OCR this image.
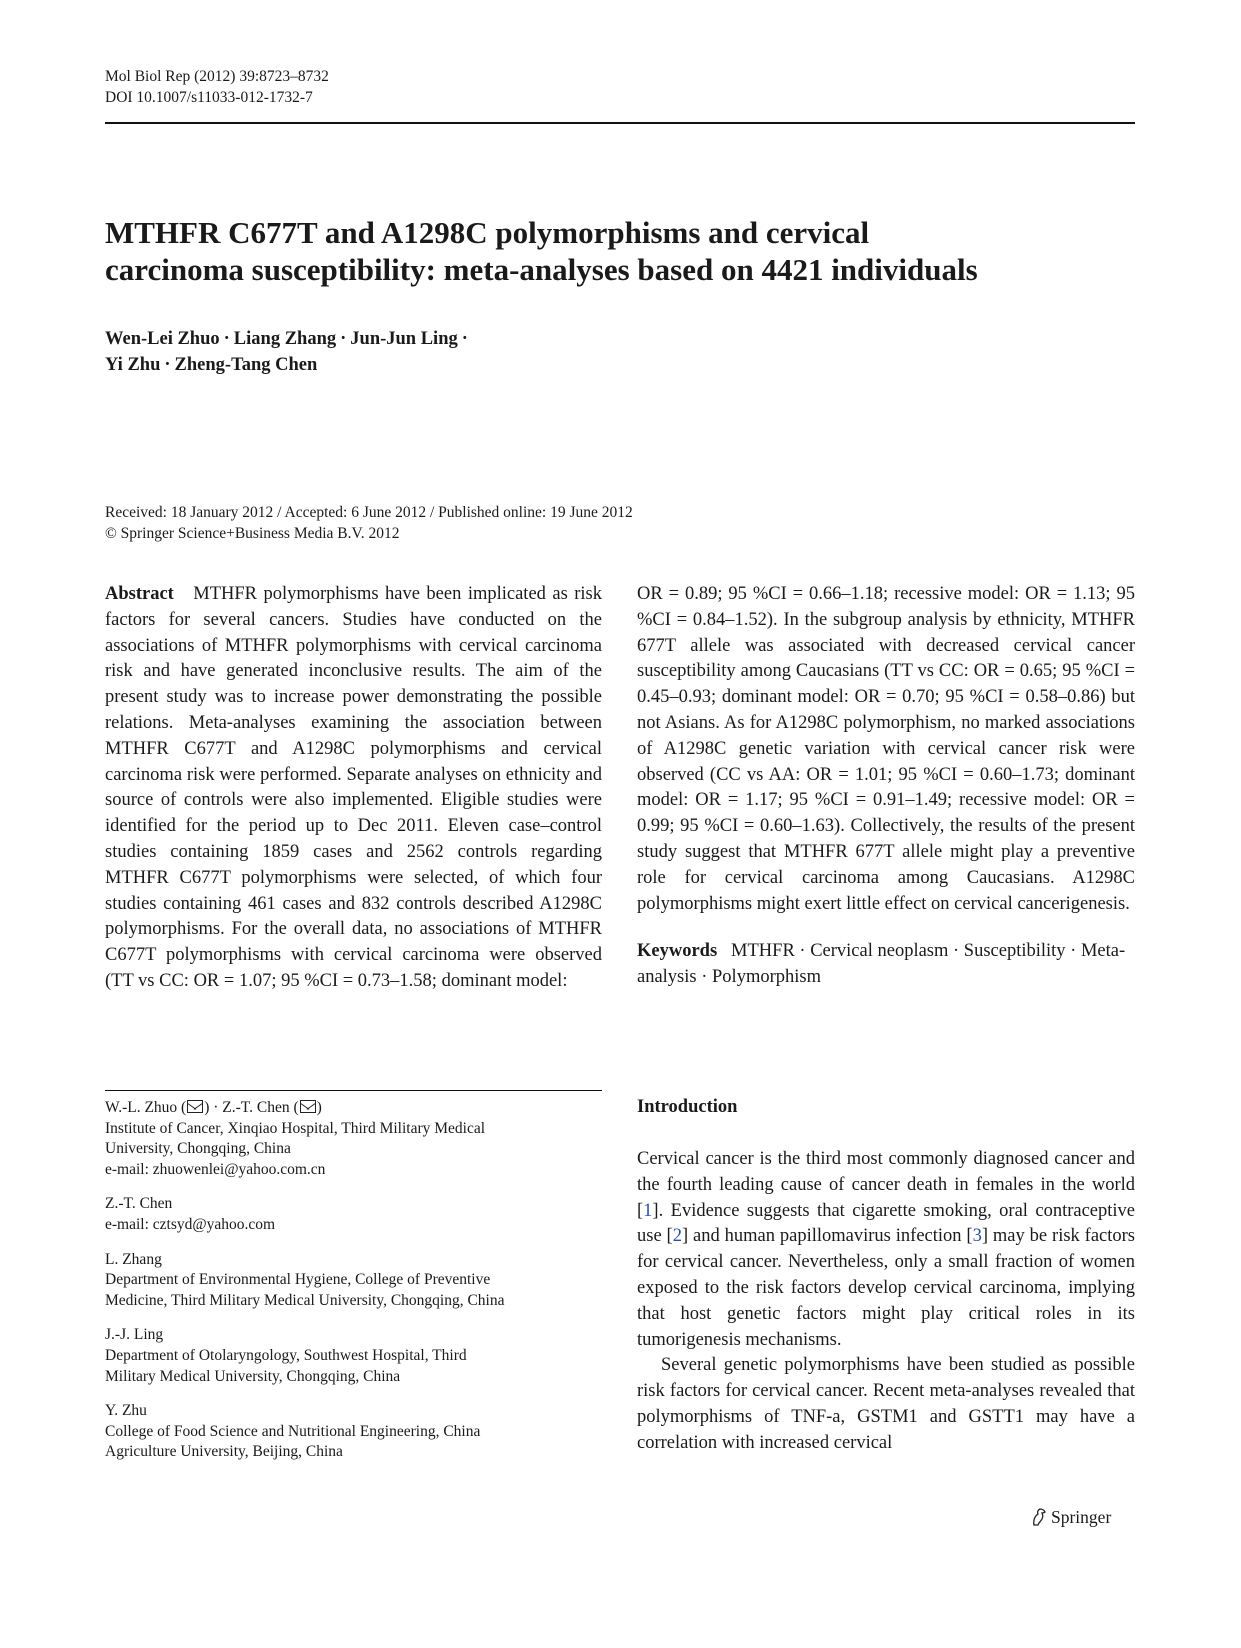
Mol Biol Rep (2012) 39:8723–8732
DOI 10.1007/s11033-012-1732-7
MTHFR C677T and A1298C polymorphisms and cervical
carcinoma susceptibility: meta-analyses based on 4421 individuals
Wen-Lei Zhuo · Liang Zhang · Jun-Jun Ling ·
Yi Zhu · Zheng-Tang Chen
Received: 18 January 2012 / Accepted: 6 June 2012 / Published online: 19 June 2012
© Springer Science+Business Media B.V. 2012

Abstract MTHFR polymorphisms have been implicated as risk factors for several cancers. Studies have conducted on the associations of MTHFR polymorphisms with cervical carcinoma risk and have generated inconclusive results. The aim of the present study was to increase power demonstrating the possible relations. Meta-analyses examining the association between MTHFR C677T and A1298C polymorphisms and cervical carcinoma risk were performed. Separate analyses on ethnicity and source of controls were also implemented. Eligible studies were identified for the period up to Dec 2011. Eleven case–control studies containing 1859 cases and 2562 controls regarding MTHFR C677T polymorphisms were selected, of which four studies containing 461 cases and 832 controls described A1298C polymorphisms. For the overall data, no associations of MTHFR C677T polymorphisms with cervical carcinoma were observed (TT vs CC: OR = 1.07; 95 %CI = 0.73–1.58; dominant model:

OR = 0.89; 95 %CI = 0.66–1.18; recessive model: OR = 1.13; 95 %CI = 0.84–1.52). In the subgroup analysis by ethnicity, MTHFR 677T allele was associated with decreased cervical cancer susceptibility among Caucasians (TT vs CC: OR = 0.65; 95 %CI = 0.45–0.93; dominant model: OR = 0.70; 95 %CI = 0.58–0.86) but not Asians. As for A1298C polymorphism, no marked associations of A1298C genetic variation with cervical cancer risk were observed (CC vs AA: OR = 1.01; 95 %CI = 0.60–1.73; dominant model: OR = 1.17; 95 %CI = 0.91–1.49; recessive model: OR = 0.99; 95 %CI = 0.60–1.63). Collectively, the results of the present study suggest that MTHFR 677T allele might play a preventive role for cervical carcinoma among Caucasians. A1298C polymorphisms might exert little effect on cervical cancerigenesis.

Keywords MTHFR · Cervical neoplasm · Susceptibility · Meta-analysis · Polymorphism

W.-L. Zhuo ( ) · Z.-T. Chen ( )
Institute of Cancer, Xinqiao Hospital, Third Military Medical
University, Chongqing, China
e-mail: zhuowenlei@yahoo.com.cn
Z.-T. Chen
e-mail: cztsyd@yahoo.com
L. Zhang
Department of Environmental Hygiene, College of Preventive
Medicine, Third Military Medical University, Chongqing, China
J.-J. Ling
Department of Otolaryngology, Southwest Hospital, Third
Military Medical University, Chongqing, China
Y. Zhu
College of Food Science and Nutritional Engineering, China
Agriculture University, Beijing, China
Introduction

Cervical cancer is the third most commonly diagnosed cancer and the fourth leading cause of cancer death in females in the world [1]. Evidence suggests that cigarette smoking, oral contraceptive use [2] and human papillomavirus infection [3] may be risk factors for cervical cancer. Nevertheless, only a small fraction of women exposed to the risk factors develop cervical carcinoma, implying that host genetic factors might play critical roles in its tumorigenesis mechanisms.

Several genetic polymorphisms have been studied as possible risk factors for cervical cancer. Recent meta-analyses revealed that polymorphisms of TNF-a, GSTM1 and GSTT1 may have a correlation with increased cervical

Springer
